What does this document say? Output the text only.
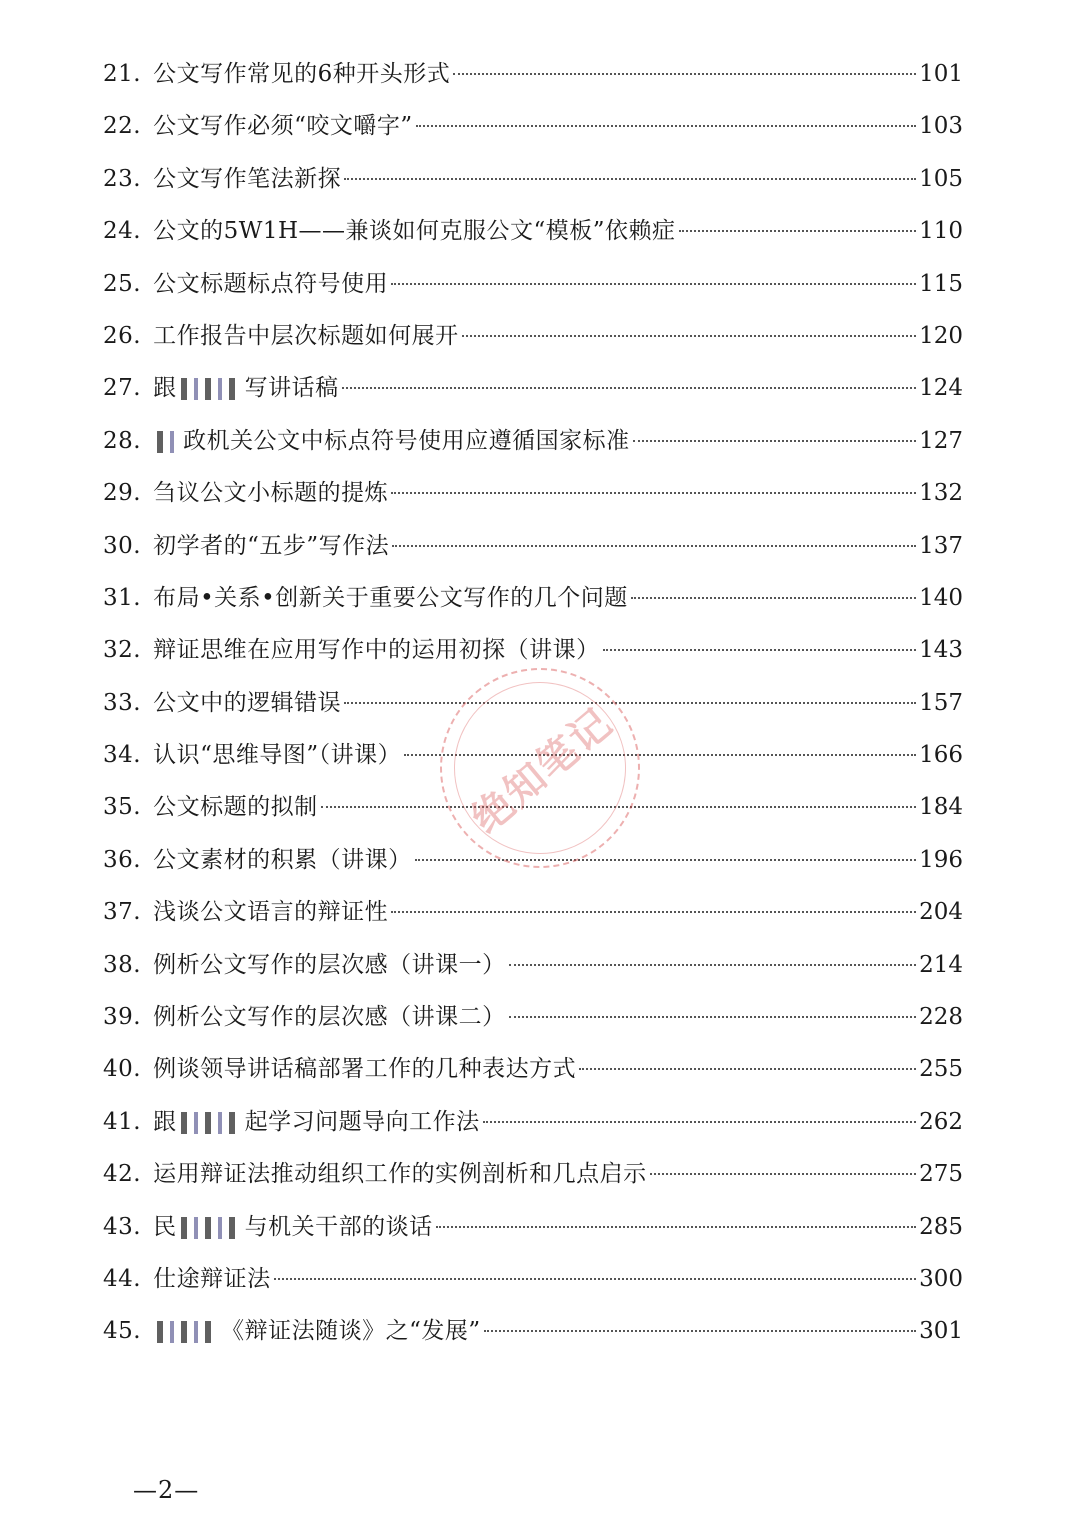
21. 公文写作常见的6种开头形式	101
22. 公文写作必须“咬文嚼字”	103
23. 公文写作笔法新探	105
24. 公文的5W1H——兼谈如何克服公文“模板”依赖症	110
25. 公文标题标点符号使用	115
26. 工作报告中层次标题如何展开	120
27. 跟	写讲话稿	124
28.	政机关公文中标点符号使用应遵循国家标准	127
29. 刍议公文小标题的提炼	132
30. 初学者的“五步”写作法	137
31. 布局•关系•创新关于重要公文写作的几个问题	140
32. 辩证思维在应用写作中的运用初探（讲课）	143
33. 公文中的逻辑错误	157
34. 认识“思维导图”（讲课）	166
35. 公文标题的拟制	184
36. 公文素材的积累（讲课）	196
37. 浅谈公文语言的辩证性	204
38. 例析公文写作的层次感（讲课一）	214
39. 例析公文写作的层次感（讲课二）	228
40. 例谈领导讲话稿部署工作的几种表达方式	255
41. 跟	起学习问题导向工作法	262
42. 运用辩证法推动组织工作的实例剖析和几点启示	275
43. 民	与机关干部的谈话	285
44. 仕途辩证法	300
45.	《辩证法随谈》之“发展”	301
绝知笔记
—2—
